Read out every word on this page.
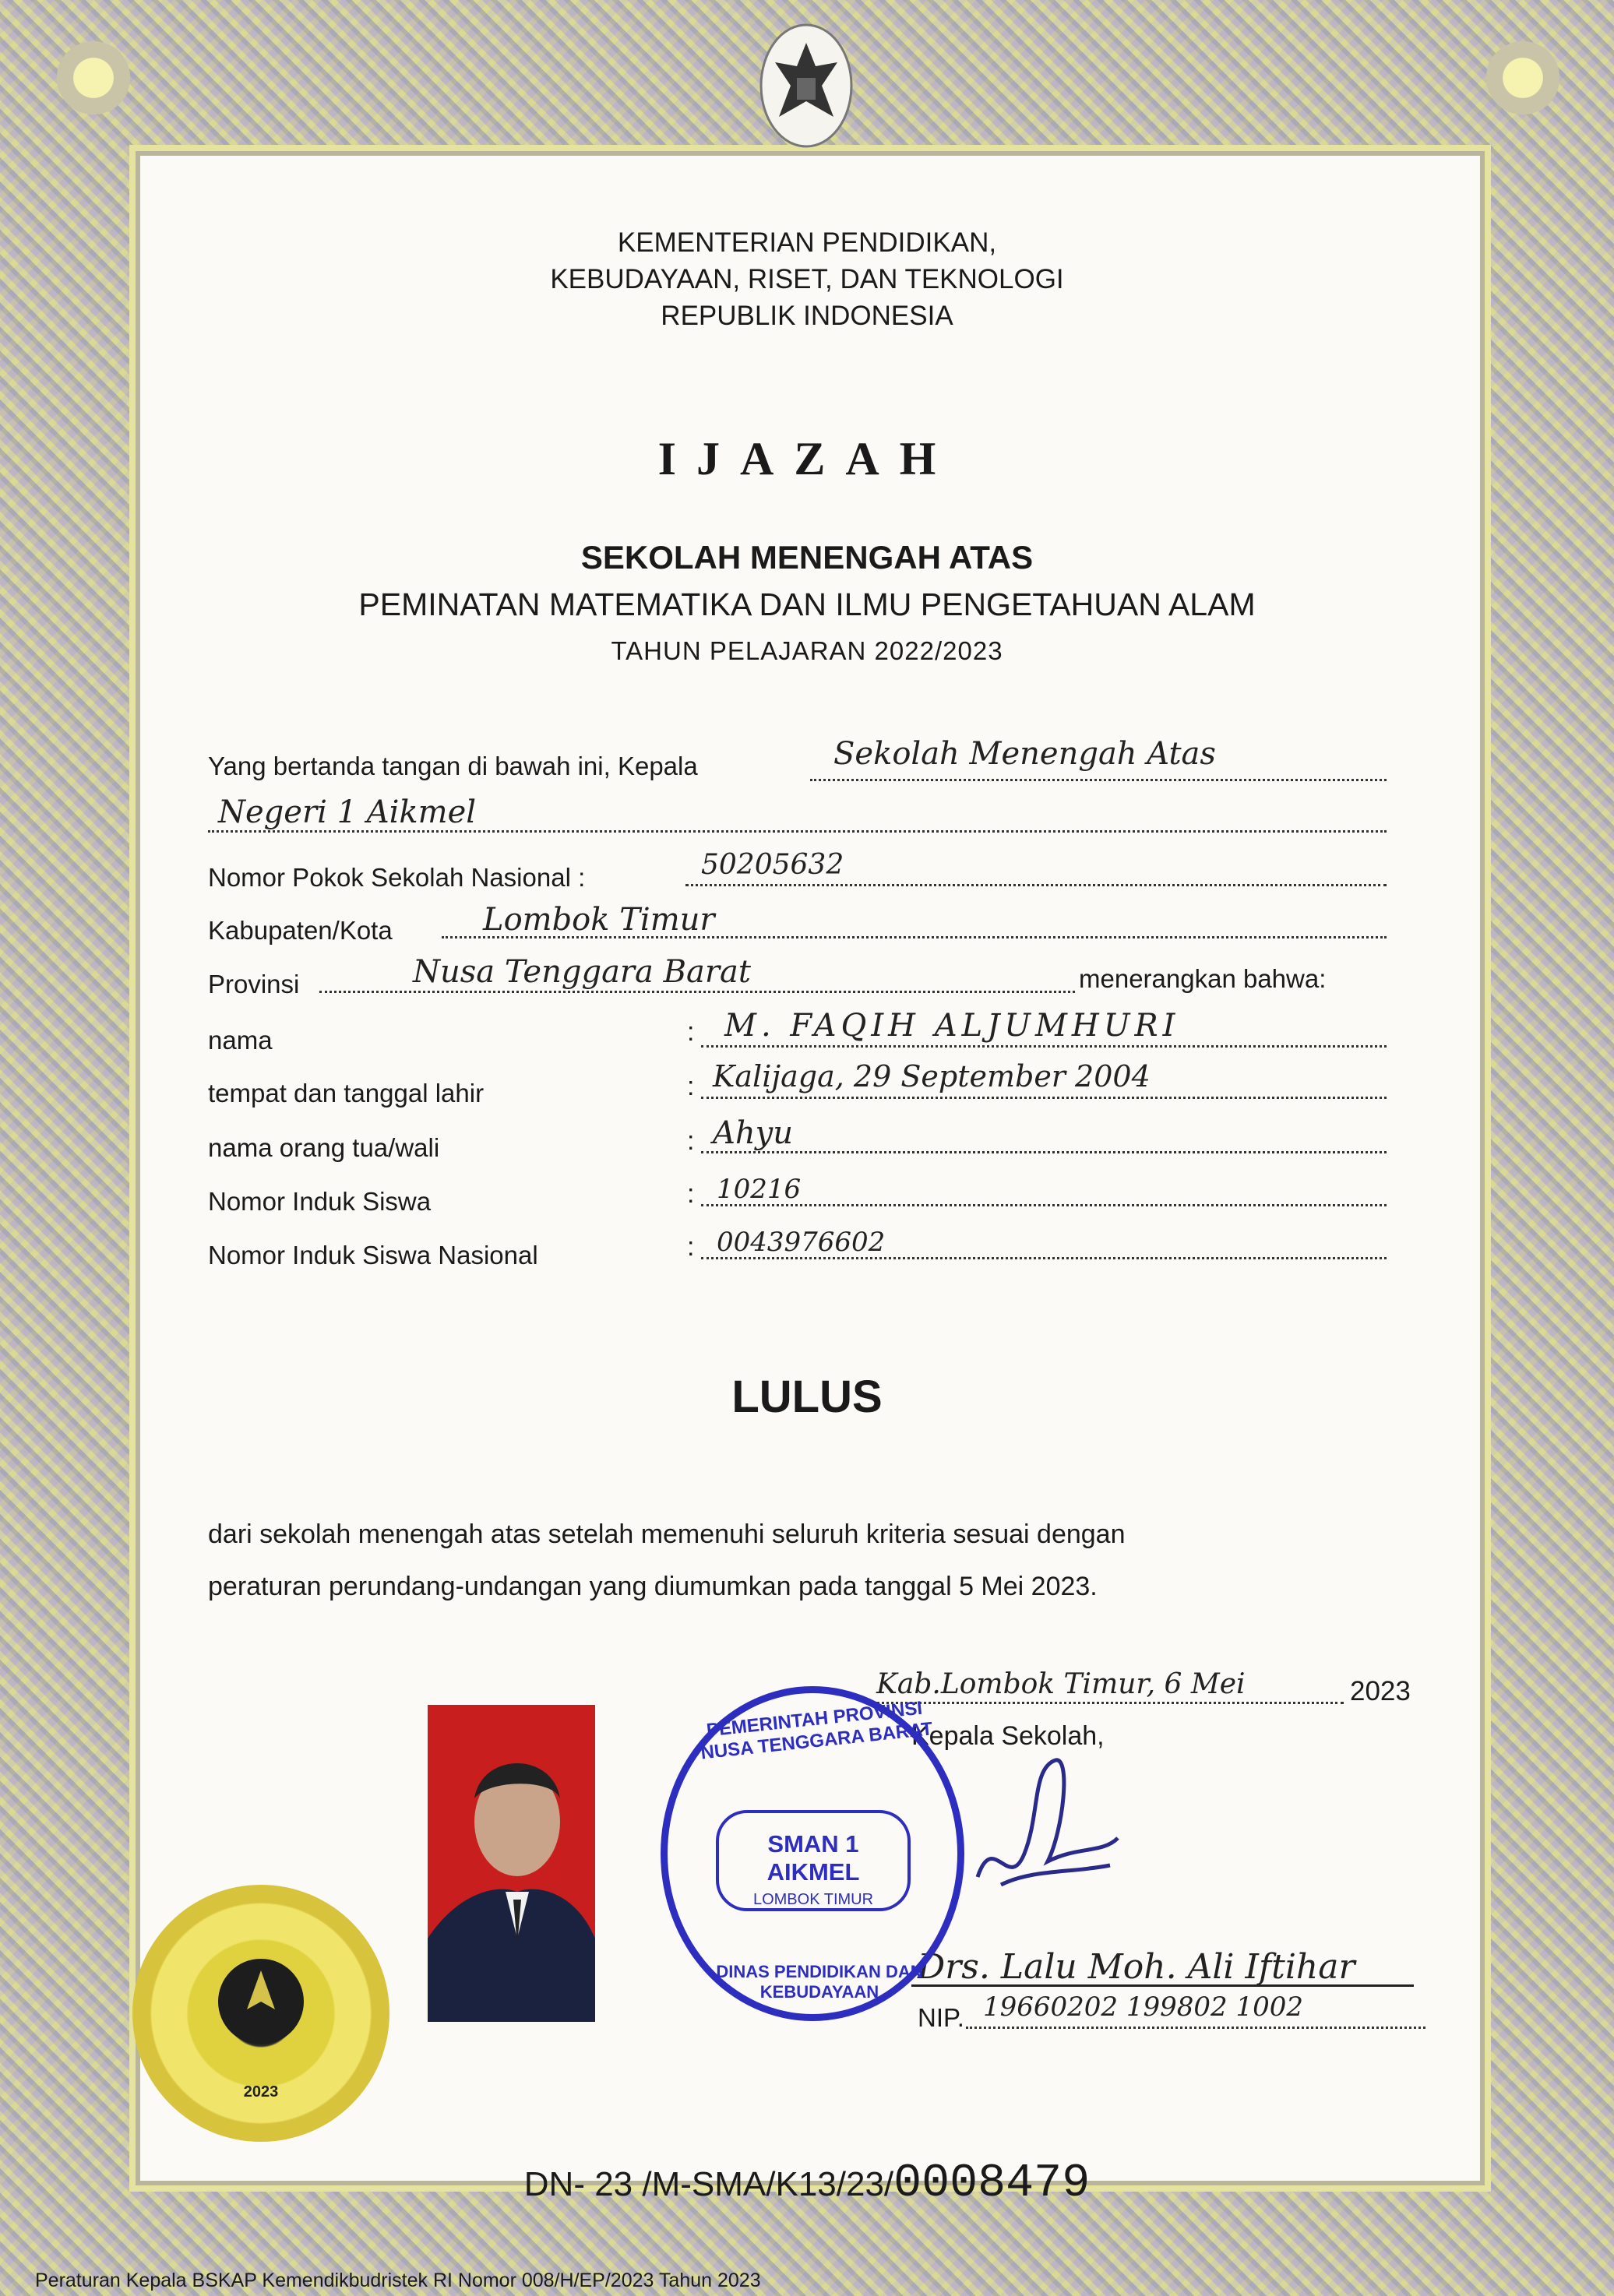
KEMENTERIAN PENDIDIKAN,
KEBUDAYAAN, RISET, DAN TEKNOLOGI
REPUBLIK INDONESIA
IJAZAH
SEKOLAH MENENGAH ATAS
PEMINATAN MATEMATIKA DAN ILMU PENGETAHUAN ALAM
TAHUN PELAJARAN 2022/2023
Yang bertanda tangan di bawah ini, Kepala	Sekolah Menengah Atas
Negeri 1 Aikmel
Nomor Pokok Sekolah Nasional :	50205632
Kabupaten/Kota	Lombok Timur
Provinsi	Nusa Tenggara Barat	menerangkan bahwa:
nama	: M. FAQIH ALJUMHURI
tempat dan tanggal lahir	: Kalijaga, 29 September 2004
nama orang tua/wali	: Ahyu
Nomor Induk Siswa	: 10216
Nomor Induk Siswa Nasional	: 0043976602
LULUS
dari sekolah menengah atas setelah memenuhi seluruh kriteria sesuai dengan
peraturan perundang-undangan yang diumumkan pada tanggal 5 Mei 2023.
Kab.Lombok Timur, 6 Mei	2023
Kepala Sekolah,
Drs. Lalu Moh. Ali Iftihar
NIP. 19660202 199802 1002
PEMERINTAH PROVINSI NUSA TENGGARA BARAT
SMAN 1 AIKMEL
LOMBOK TIMUR
DINAS PENDIDIKAN DAN KEBUDAYAAN
2023
DN- 23 /M-SMA/K13/23/0008479
Peraturan Kepala BSKAP Kemendikbudristek RI Nomor 008/H/EP/2023 Tahun 2023
